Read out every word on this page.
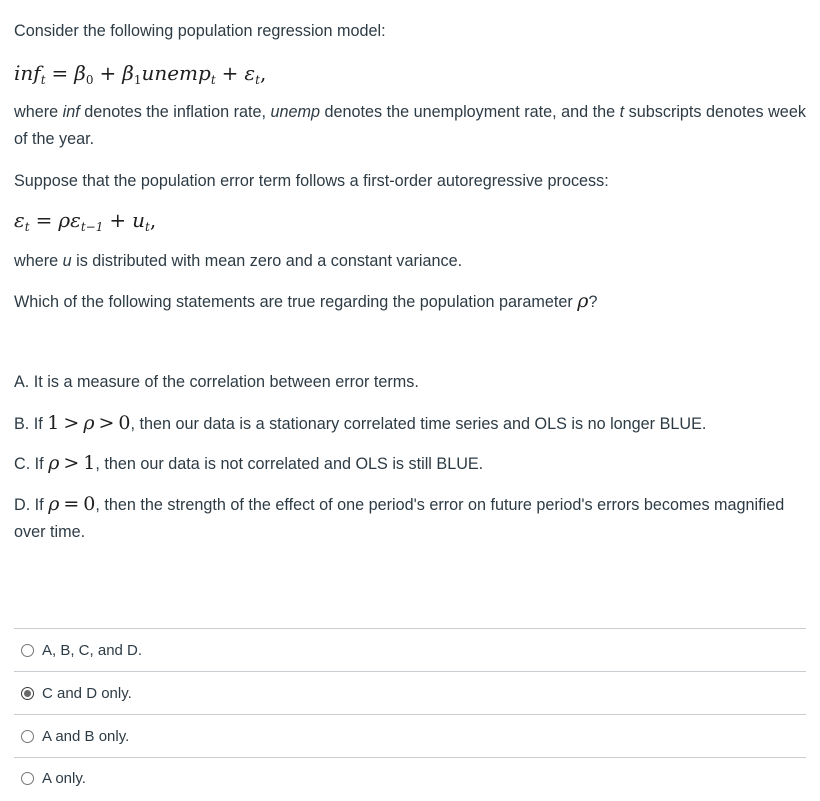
Consider the following population regression model:
$inf_t = \beta_0$ + $\beta_1unemp_t + \varepsilon_t$,
where inf denotes the inflation rate, unemp denotes the unemployment rate, and the t subscripts denotes week of the year.
Suppose that the population error term follows a first-order autoregressive process:
$\varepsilon_t = \rho\varepsilon_{t-1} + u_t$,
where u is distributed with mean zero and a constant variance.
Which of the following statements are true regarding the population parameter ρ?
A. It is a measure of the correlation between error terms.
B. If 1 > ρ > 0, then our data is a stationary correlated time series and OLS is no longer BLUE.
C. If ρ > 1, then our data is not correlated and OLS is still BLUE.
D. If ρ = 0, then the strength of the effect of one period's error on future period's errors becomes magnified over time.
A, B, C, and D.
C and D only.
A and B only.
A only.
